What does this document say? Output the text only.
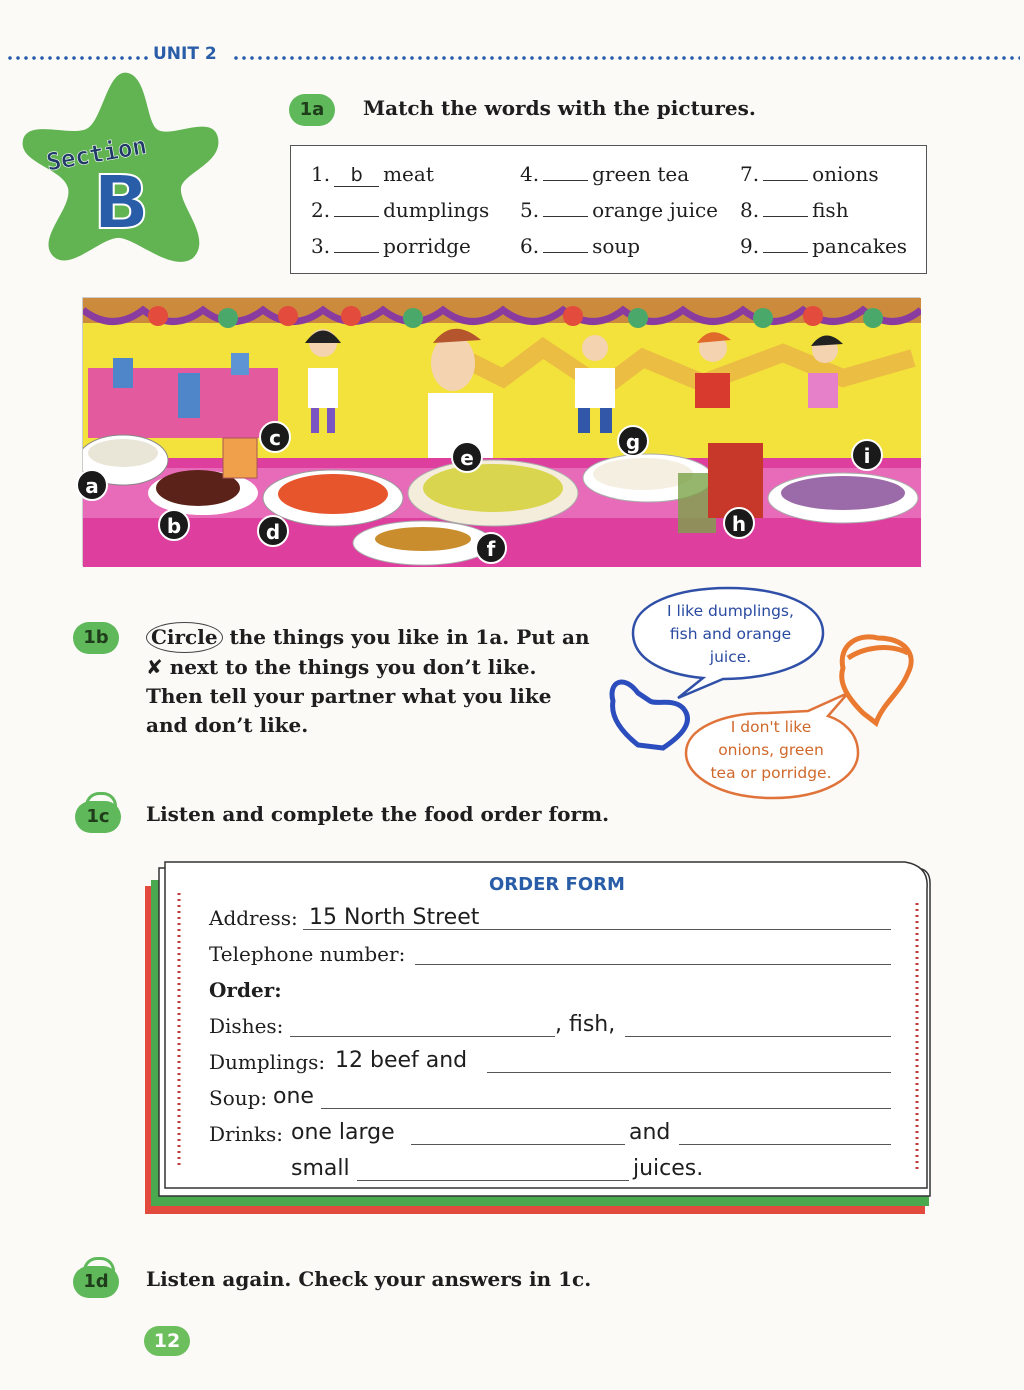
UNIT 2
Section
B
1a	Match the words with the pictures.
1. b meat
2.	dumplings
3.	porridge
4.	green tea
5.	orange juice
6.	soup
7.	onions
8.	fish
9.	pancakes
a
b
c
d
e
f
g
h
i
1b	Circle the things you like in 1a. Put an
✘ next to the things you don’t like. Then tell your partner what you like and don’t like.
I like dumplings,
fish and orange
juice.
I don't like
onions, green
tea or porridge.
1c	Listen and complete the food order form.
ORDER FORM
Address: 15 North Street
Telephone number:
Order:
Dishes:	, fish,
Dumplings: 12 beef and
Soup: one
Drinks: one large	and
small	juices.
1d	Listen again. Check your answers in 1c.
12
